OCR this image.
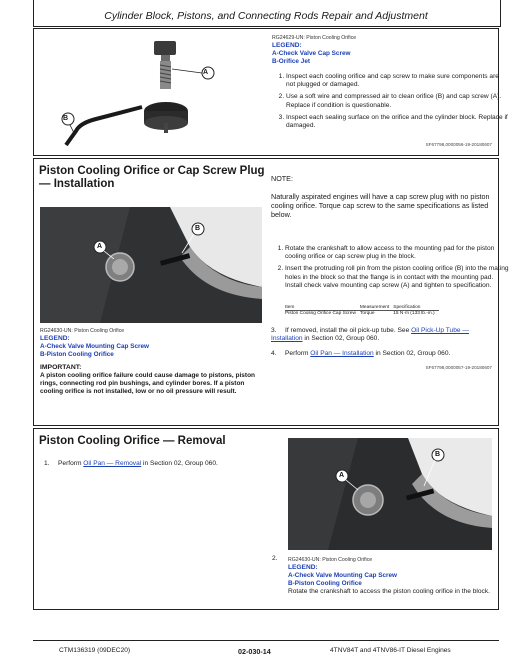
Cylinder Block, Pistons, and Connecting Rods Repair and Adjustment
A
B
RG24629-UN: Piston Cooling Orifice
LEGEND:
A-Check Valve Cap Screw
B-Orifice Jet
1. Inspect each cooling orifice and cap screw to make sure components are not plugged or damaged.
2. Use a soft wire and compressed air to clean orifice (B) and cap screw (A). Replace if condition is questionable.
3. Inspect each sealing surface on the orifice and the cylinder block. Replace if damaged.
SF67798,0000056-19-20180607
Piston Cooling Orifice or Cap Screw Plug — Installation
A
B
RG24630-UN: Piston Cooling Orifice
LEGEND:
A-Check Valve Mounting Cap Screw
B-Piston Cooling Orifice
IMPORTANT:
A piston cooling orifice failure could cause damage to pistons, piston rings, connecting rod pin bushings, and cylinder bores. If a piston cooling orifice is not installed, low or no oil pressure will result.
NOTE:
Naturally aspirated engines will have a cap screw plug with no piston cooling orifice. Torque cap screw to the same specifications as listed below.
1. Rotate the crankshaft to allow access to the mounting pad for the piston cooling orifice or cap screw plug in the block.
2. Insert the protruding roll pin from the piston cooling orifice (B) into the mating holes in the block so that the flange is in contact with the mounting pad. Install check valve mounting cap screw (A) and tighten to specification.
Item	Measurement	Specification
Piston Cooling Orifice Cap Screw	Torque	15 N·m (133 lb.-in.)
3. If removed, install the oil pick-up tube. See Oil Pick-Up Tube — Installation in Section 02, Group 060.
4. Perform Oil Pan — Installation in Section 02, Group 060.
SF67798,0000057-19-20180607
Piston Cooling Orifice — Removal
1. Perform Oil Pan — Removal in Section 02, Group 060.
A
B
2. RG24630-UN: Piston Cooling Orifice
LEGEND:
A-Check Valve Mounting Cap Screw
B-Piston Cooling Orifice
Rotate the crankshaft to access the piston cooling orifice in the block.
CTM136319 (09DEC20)	02-030-14	4TNV84T and 4TNV86-IT Diesel Engines
